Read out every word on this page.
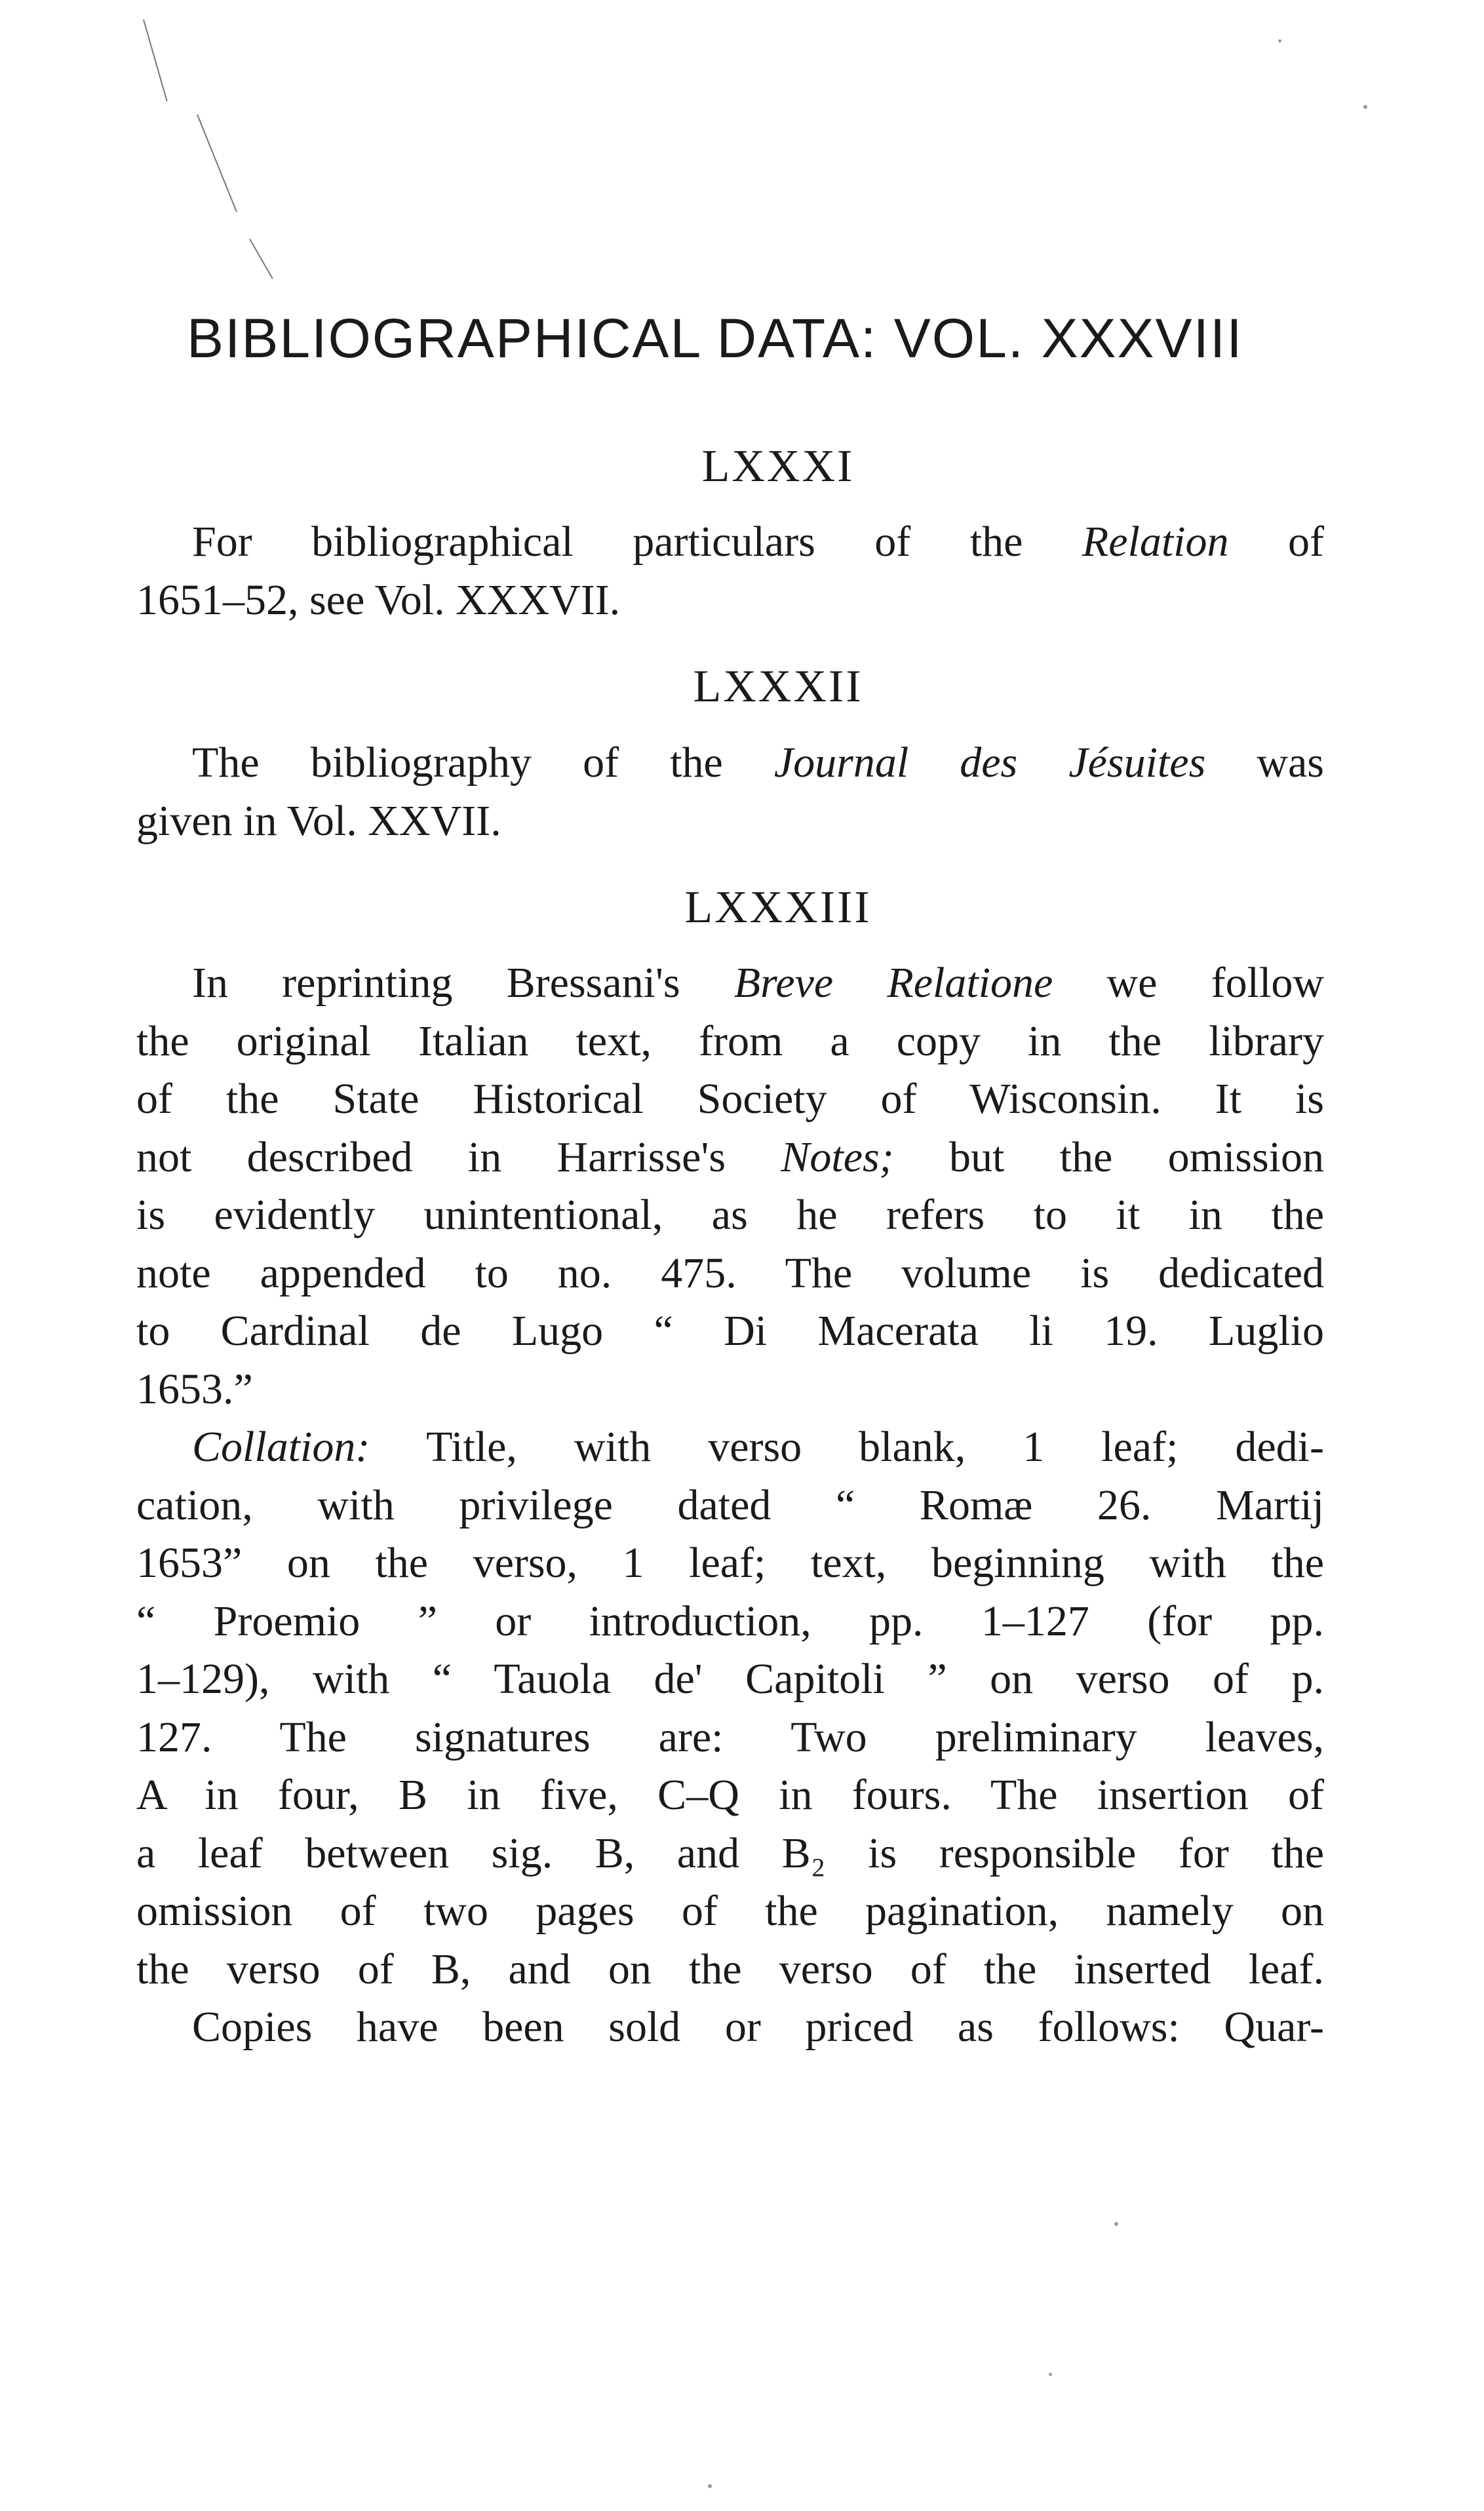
BIBLIOGRAPHICAL DATA: VOL. XXXVIII
LXXXI
For bibliographical particulars of the Relation of
1651–52, see Vol. XXXVII.
LXXXII
The bibliography of the Journal des Jésuites was
given in Vol. XXVII.
LXXXIII
In reprinting Bressani's Breve Relatione we follow
the original Italian text, from a copy in the library
of the State Historical Society of Wisconsin. It is
not described in Harrisse's Notes; but the omission
is evidently unintentional, as he refers to it in the
note appended to no. 475. The volume is dedicated
to Cardinal de Lugo “ Di Macerata li 19. Luglio
1653.”
Collation: Title, with verso blank, 1 leaf; dedi-
cation, with privilege dated “ Romæ 26. Martij
1653” on the verso, 1 leaf; text, beginning with the
“ Proemio ” or introduction, pp. 1–127 (for pp.
1–129), with “ Tauola de' Capitoli ” on verso of p.
127. The signatures are: Two preliminary leaves,
A in four, B in five, C–Q in fours. The insertion of
a leaf between sig. B, and B₂ is responsible for the
omission of two pages of the pagination, namely on
the verso of B, and on the verso of the inserted leaf.
Copies have been sold or priced as follows: Quar-
